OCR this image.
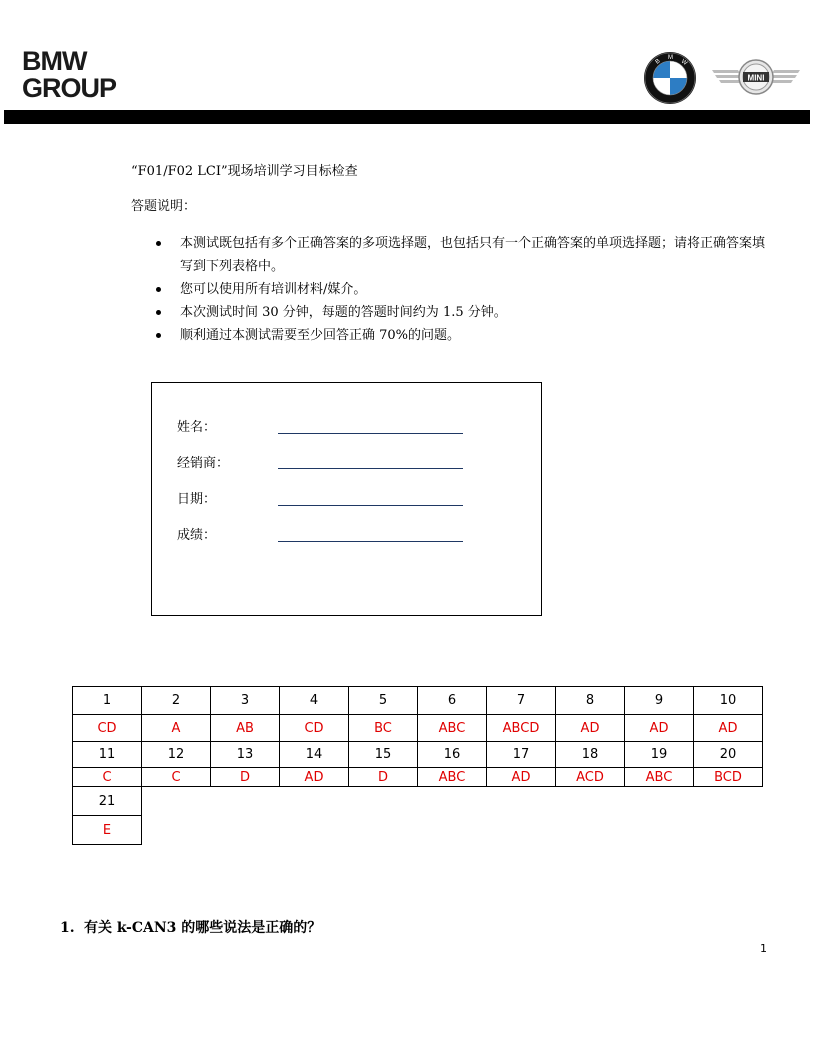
BMW
GROUP
B
M
W
MINI
“F01/F02 LCI”现场培训学习目标检查
答题说明：
本测试既包括有多个正确答案的多项选择题，也包括只有一个正确答案的单项选择题；请将正确答案填写到下列表格中。
您可以使用所有培训材料/媒介。
本次测试时间 30 分钟，每题的答题时间约为 1.5 分钟。
顺利通过本测试需要至少回答正确 70%的问题。
姓名：
经销商：
日期：
成绩：
1	2	3	4	5	6	7	8	9	10
CD	A	AB	CD	BC	ABC	ABCD	AD	AD	AD
11	12	13	14	15	16	17	18	19	20
C	C	D	AD	D	ABC	AD	ACD	ABC	BCD
21									
E									
1. 有关 k-CAN3 的哪些说法是正确的？
1
